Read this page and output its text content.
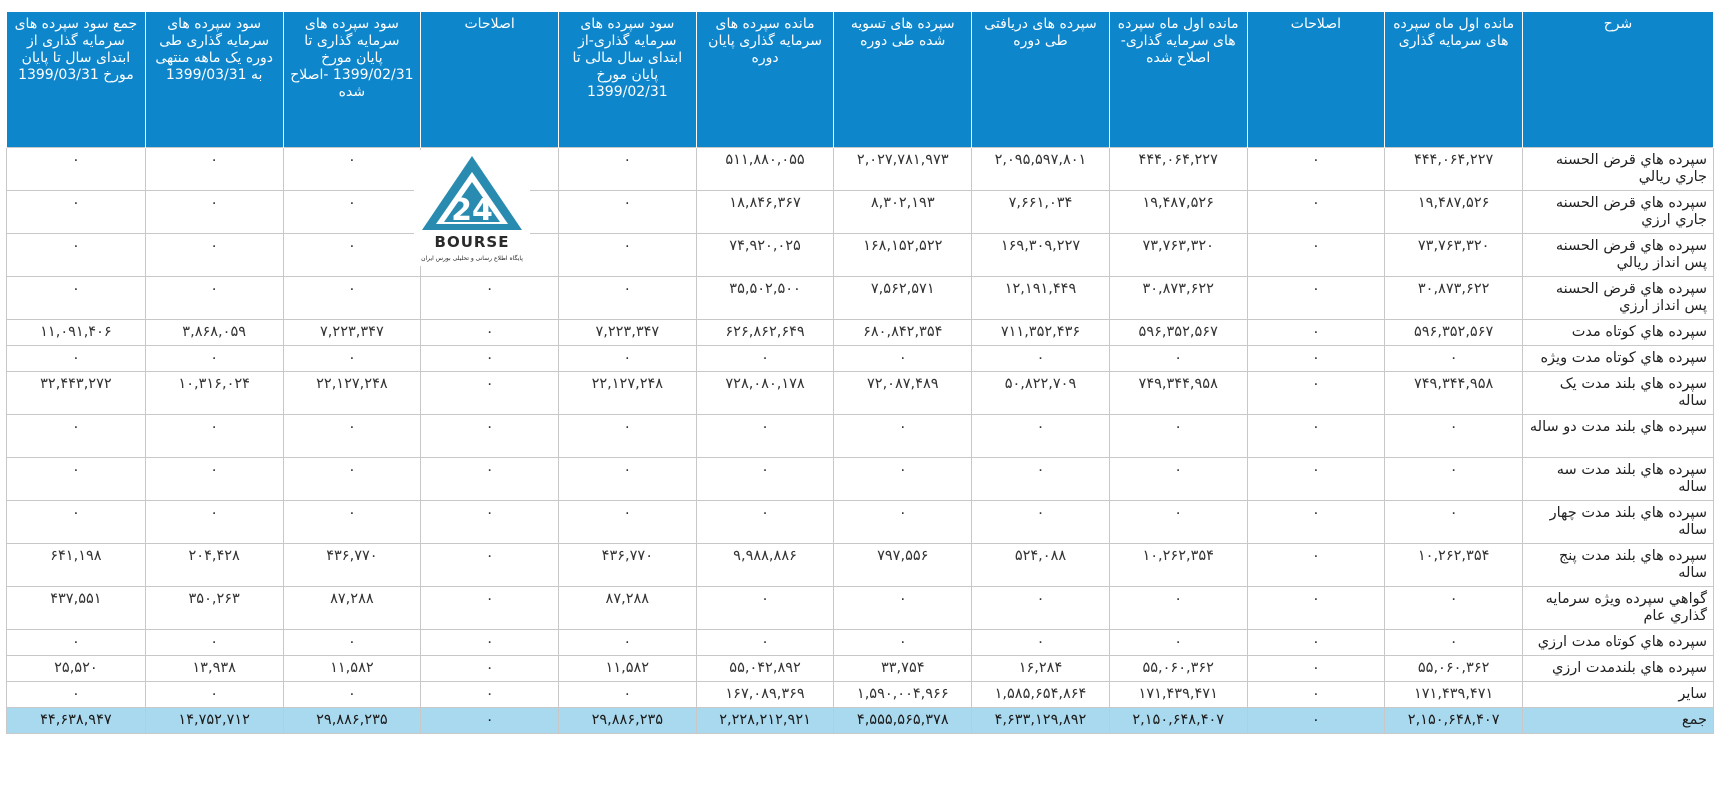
شرح	مانده اول ماه سپرده های سرمایه گذاری	اصلاحات	مانده اول ماه سپرده های سرمایه گذاری- اصلاح شده	سپرده های دریافتی طی دوره	سپرده های تسویه شده طی دوره	مانده سپرده های سرمایه گذاری پایان دوره	سود سپرده های سرمایه گذاری-از ابتدای سال مالی تا پایان مورخ 1399/02/31	اصلاحات	سود سپرده های سرمایه گذاری تا پایان مورخ 1399/02/31 -اصلاح شده	سود سپرده های سرمایه گذاری طی دوره یک ماهه منتهی به 1399/03/31	جمع سود سپرده های سرمایه گذاری از ابتدای سال تا پایان مورخ 1399/03/31
سپرده هاي قرض الحسنه جاري ريالي	۴۴۴,۰۶۴,۲۲۷	۰	۴۴۴,۰۶۴,۲۲۷	۲,۰۹۵,۵۹۷,۸۰۱	۲,۰۲۷,۷۸۱,۹۷۳	۵۱۱,۸۸۰,۰۵۵	۰		۰	۰	۰
سپرده هاي قرض الحسنه جاري ارزي	۱۹,۴۸۷,۵۲۶	۰	۱۹,۴۸۷,۵۲۶	۷,۶۶۱,۰۳۴	۸,۳۰۲,۱۹۳	۱۸,۸۴۶,۳۶۷	۰		۰	۰	۰
سپرده هاي قرض الحسنه پس انداز ريالي	۷۳,۷۶۳,۳۲۰	۰	۷۳,۷۶۳,۳۲۰	۱۶۹,۳۰۹,۲۲۷	۱۶۸,۱۵۲,۵۲۲	۷۴,۹۲۰,۰۲۵	۰		۰	۰	۰
سپرده هاي قرض الحسنه پس انداز ارزي	۳۰,۸۷۳,۶۲۲	۰	۳۰,۸۷۳,۶۲۲	۱۲,۱۹۱,۴۴۹	۷,۵۶۲,۵۷۱	۳۵,۵۰۲,۵۰۰	۰	۰	۰	۰	۰
سپرده هاي کوتاه مدت	۵۹۶,۳۵۲,۵۶۷	۰	۵۹۶,۳۵۲,۵۶۷	۷۱۱,۳۵۲,۴۳۶	۶۸۰,۸۴۲,۳۵۴	۶۲۶,۸۶۲,۶۴۹	۷,۲۲۳,۳۴۷	۰	۷,۲۲۳,۳۴۷	۳,۸۶۸,۰۵۹	۱۱,۰۹۱,۴۰۶
سپرده هاي کوتاه مدت ويژه	۰	۰	۰	۰	۰	۰	۰	۰	۰	۰	۰
سپرده هاي بلند مدت يک ساله	۷۴۹,۳۴۴,۹۵۸	۰	۷۴۹,۳۴۴,۹۵۸	۵۰,۸۲۲,۷۰۹	۷۲,۰۸۷,۴۸۹	۷۲۸,۰۸۰,۱۷۸	۲۲,۱۲۷,۲۴۸	۰	۲۲,۱۲۷,۲۴۸	۱۰,۳۱۶,۰۲۴	۳۲,۴۴۳,۲۷۲
سپرده هاي بلند مدت دو ساله	۰	۰	۰	۰	۰	۰	۰	۰	۰	۰	۰
سپرده هاي بلند مدت سه ساله	۰	۰	۰	۰	۰	۰	۰	۰	۰	۰	۰
سپرده هاي بلند مدت چهار ساله	۰	۰	۰	۰	۰	۰	۰	۰	۰	۰	۰
سپرده هاي بلند مدت پنج ساله	۱۰,۲۶۲,۳۵۴	۰	۱۰,۲۶۲,۳۵۴	۵۲۴,۰۸۸	۷۹۷,۵۵۶	۹,۹۸۸,۸۸۶	۴۳۶,۷۷۰	۰	۴۳۶,۷۷۰	۲۰۴,۴۲۸	۶۴۱,۱۹۸
گواهي سپرده ويژه سرمايه گذاري عام	۰	۰	۰	۰	۰	۰	۸۷,۲۸۸	۰	۸۷,۲۸۸	۳۵۰,۲۶۳	۴۳۷,۵۵۱
سپرده هاي کوتاه مدت ارزي	۰	۰	۰	۰	۰	۰	۰	۰	۰	۰	۰
سپرده هاي بلندمدت ارزي	۵۵,۰۶۰,۳۶۲	۰	۵۵,۰۶۰,۳۶۲	۱۶,۲۸۴	۳۳,۷۵۴	۵۵,۰۴۲,۸۹۲	۱۱,۵۸۲	۰	۱۱,۵۸۲	۱۳,۹۳۸	۲۵,۵۲۰
ساير	۱۷۱,۴۳۹,۴۷۱	۰	۱۷۱,۴۳۹,۴۷۱	۱,۵۸۵,۶۵۴,۸۶۴	۱,۵۹۰,۰۰۴,۹۶۶	۱۶۷,۰۸۹,۳۶۹	۰	۰	۰	۰	۰
جمع	۲,۱۵۰,۶۴۸,۴۰۷	۰	۲,۱۵۰,۶۴۸,۴۰۷	۴,۶۳۳,۱۲۹,۸۹۲	۴,۵۵۵,۵۶۵,۳۷۸	۲,۲۲۸,۲۱۲,۹۲۱	۲۹,۸۸۶,۲۳۵	۰	۲۹,۸۸۶,۲۳۵	۱۴,۷۵۲,۷۱۲	۴۴,۶۳۸,۹۴۷
24
BOURSE
پایگاه اطلاع رسانی و تحلیلی بورس ایران
